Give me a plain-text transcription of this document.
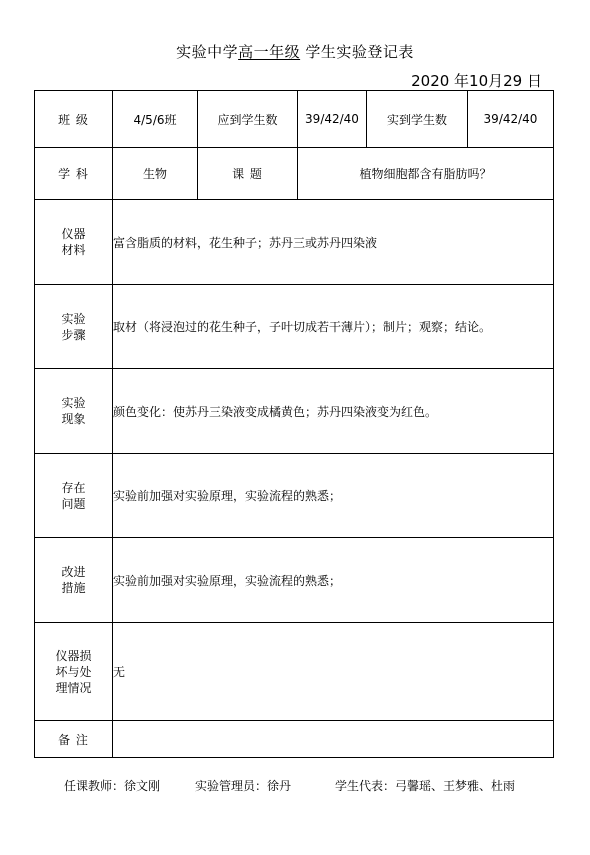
实验中学高一年级 学生实验登记表
2020 年10月29 日
班 级	4/5/6班	应到学生数	39/42/40	实到学生数	39/42/40
学 科	生物	课 题	植物细胞都含有脂肪吗？		

仪器
材料	富含脂质的材料，花生种子；苏丹三或苏丹四染液				

实验
步骤	取材（将浸泡过的花生种子，子叶切成若干薄片）；制片；观察；结论。				

实验
现象	颜色变化：使苏丹三染液变成橘黄色；苏丹四染液变为红色。				

存在
问题	实验前加强对实验原理，实验流程的熟悉；				

改进
措施	实验前加强对实验原理，实验流程的熟悉；				

仪器损
坏与处
理情况	无				
备 注					
任课教师：徐文刚	实验管理员：徐丹	学生代表：弓馨瑶、王梦雅、杜雨
